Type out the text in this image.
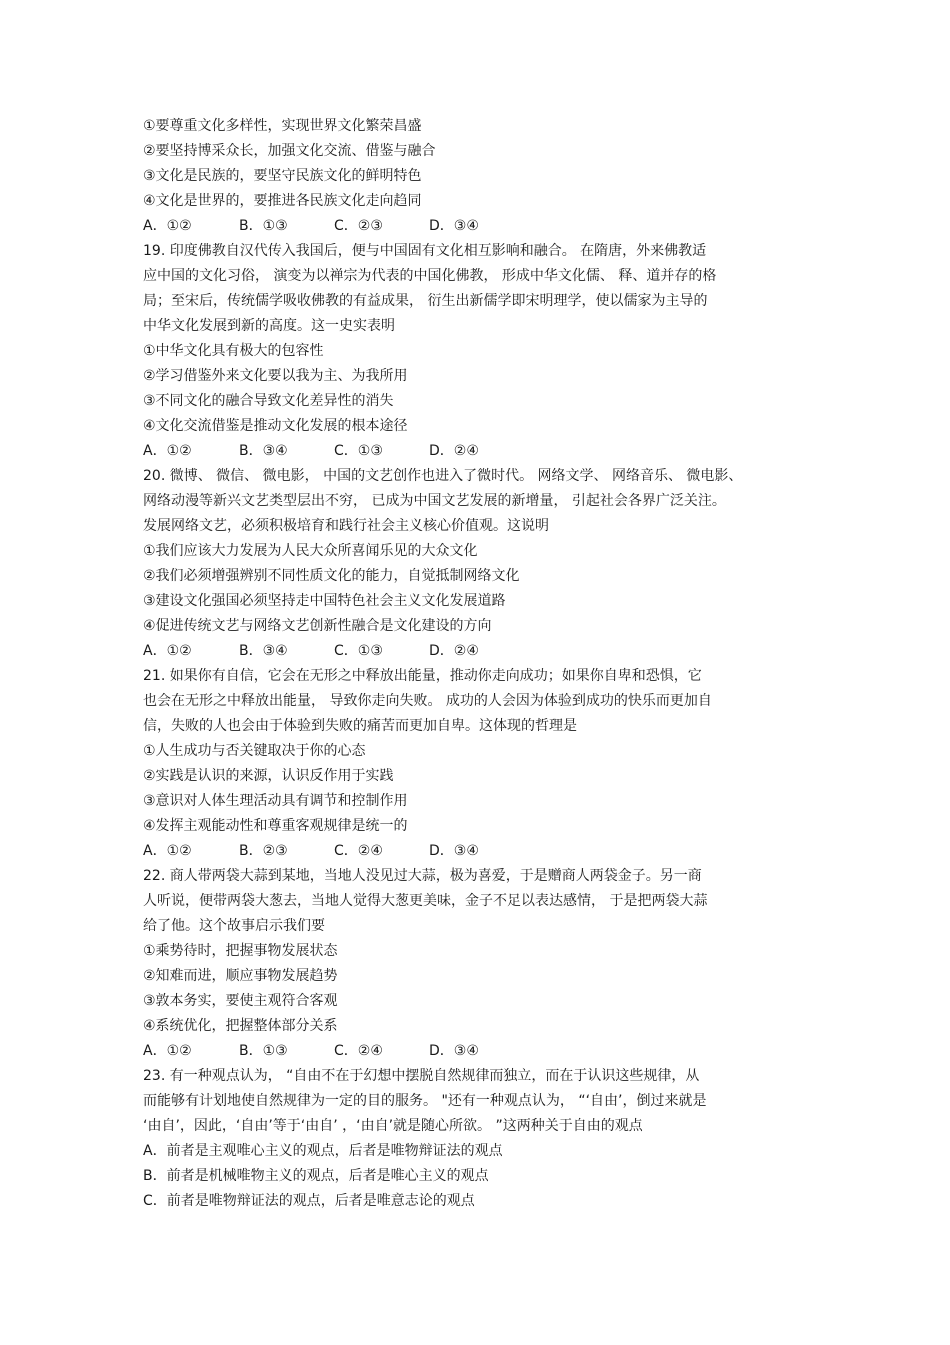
①要尊重文化多样性，实现世界文化繁荣昌盛
②要坚持博采众长，加强文化交流、借鉴与融合
③文化是民族的，要坚守民族文化的鲜明特色
④文化是世界的，要推进各民族文化走向趋同
A．①②	B．①③	C．②③	D．③④
19. 印度佛教自汉代传入我国后，便与中国固有文化相互影响和融合。 在隋唐，外来佛教适
应中国的文化习俗， 演变为以禅宗为代表的中国化佛教， 形成中华文化儒、 释、道并存的格
局；至宋后，传统儒学吸收佛教的有益成果， 衍生出新儒学即宋明理学，使以儒家为主导的
中华文化发展到新的高度。这一史实表明
①中华文化具有极大的包容性
②学习借鉴外来文化要以我为主、为我所用
③不同文化的融合导致文化差异性的消失
④文化交流借鉴是推动文化发展的根本途径
A．①②	B．③④	C．①③	D．②④
20. 微博、 微信、 微电影， 中国的文艺创作也进入了微时代。 网络文学、 网络音乐、 微电影、
网络动漫等新兴文艺类型层出不穷， 已成为中国文艺发展的新增量， 引起社会各界广泛关注。
发展网络文艺，必须积极培育和践行社会主义核心价值观。这说明
①我们应该大力发展为人民大众所喜闻乐见的大众文化
②我们必须增强辨别不同性质文化的能力，自觉抵制网络文化
③建设文化强国必须坚持走中国特色社会主义文化发展道路
④促进传统文艺与网络文艺创新性融合是文化建设的方向
A．①②	B．③④	C．①③	D．②④
21. 如果你有自信，它会在无形之中释放出能量，推动你走向成功；如果你自卑和恐惧，它
也会在无形之中释放出能量， 导致你走向失败。 成功的人会因为体验到成功的快乐而更加自
信，失败的人也会由于体验到失败的痛苦而更加自卑。这体现的哲理是
①人生成功与否关键取决于你的心态
②实践是认识的来源，认识反作用于实践
③意识对人体生理活动具有调节和控制作用
④发挥主观能动性和尊重客观规律是统一的
A．①②	B．②③	C．②④	D．③④
22. 商人带两袋大蒜到某地，当地人没见过大蒜，极为喜爱，于是赠商人两袋金子。另一商
人听说，便带两袋大葱去，当地人觉得大葱更美味，金子不足以表达感情， 于是把两袋大蒜
给了他。这个故事启示我们要
①乘势待时，把握事物发展状态
②知难而进，顺应事物发展趋势
③敦本务实，要使主观符合客观
④系统优化，把握整体部分关系
A．①②	B．①③	C．②④	D．③④
23. 有一种观点认为， “自由不在于幻想中摆脱自然规律而独立，而在于认识这些规律，从
而能够有计划地使自然规律为一定的目的服务。 "还有一种观点认为， “‘自由’，倒过来就是
‘由自’，因此，‘自由’等于‘由自’ ，‘由自’就是随心所欲。 ”这两种关于自由的观点
A．前者是主观唯心主义的观点，后者是唯物辩证法的观点
B．前者是机械唯物主义的观点，后者是唯心主义的观点
C．前者是唯物辩证法的观点，后者是唯意志论的观点
